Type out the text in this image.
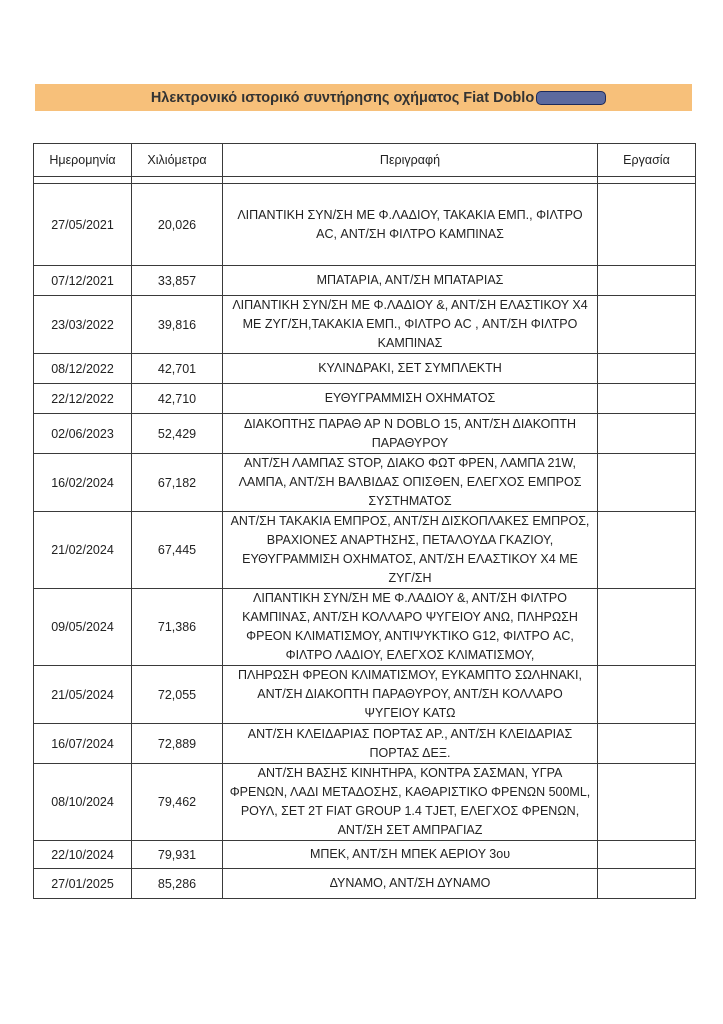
Ηλεκτρονικό ιστορικό συντήρησης οχήματος Fiat Doblo
Ημερομηνία	Χιλιόμετρα	Περιγραφή	Εργασία

27/05/2021	20,026	ΛΙΠΑΝΤΙΚΗ ΣΥΝ/ΣΗ ΜΕ Φ.ΛΑΔΙΟΥ, ΤΑΚΑΚΙΑ ΕΜΠ., ΦΙΛΤΡΟ AC, ΑΝΤ/ΣΗ ΦΙΛΤΡΟ ΚΑΜΠΙΝΑΣ	
07/12/2021	33,857	ΜΠΑΤΑΡΙΑ, ΑΝΤ/ΣΗ ΜΠΑΤΑΡΙΑΣ	
23/03/2022	39,816	ΛΙΠΑΝΤΙΚΗ ΣΥΝ/ΣΗ ΜΕ Φ.ΛΑΔΙΟΥ &, ΑΝΤ/ΣΗ ΕΛΑΣΤΙΚΟΥ Χ4 ΜΕ ΖΥΓ/ΣΗ,ΤΑΚΑΚΙΑ ΕΜΠ., ΦΙΛΤΡΟ AC , ΑΝΤ/ΣΗ ΦΙΛΤΡΟ ΚΑΜΠΙΝΑΣ	
08/12/2022	42,701	ΚΥΛΙΝΔΡΑΚΙ, ΣΕΤ ΣΥΜΠΛΕΚΤΗ	
22/12/2022	42,710	ΕΥΘΥΓΡΑΜΜΙΣΗ ΟΧΗΜΑΤΟΣ	
02/06/2023	52,429	ΔΙΑΚΟΠΤΗΣ ΠΑΡΑΘ ΑΡ Ν DOBLO 15, ΑΝΤ/ΣΗ ΔΙΑΚΟΠΤΗ ΠΑΡΑΘΥΡΟΥ	
16/02/2024	67,182	ΑΝΤ/ΣΗ ΛΑΜΠΑΣ STOP, ΔΙΑΚΟ ΦΩΤ ΦΡΕΝ, ΛΑΜΠΑ 21W, ΛΑΜΠΑ, ΑΝΤ/ΣΗ ΒΑΛΒΙΔΑΣ ΟΠΙΣΘΕΝ, ΕΛΕΓΧΟΣ ΕΜΠΡΟΣ ΣΥΣΤΗΜΑΤΟΣ	
21/02/2024	67,445	ΑΝΤ/ΣΗ ΤΑΚΑΚΙΑ ΕΜΠΡΟΣ, ΑΝΤ/ΣΗ ΔΙΣΚΟΠΛΑΚΕΣ ΕΜΠΡΟΣ, ΒΡΑΧΙΟΝΕΣ ΑΝΑΡΤΗΣΗΣ, ΠΕΤΑΛΟΥΔΑ ΓΚΑΖΙΟΥ, ΕΥΘΥΓΡΑΜΜΙΣΗ ΟΧΗΜΑΤΟΣ, ΑΝΤ/ΣΗ ΕΛΑΣΤΙΚΟΥ Χ4 ΜΕ ΖΥΓ/ΣΗ	
09/05/2024	71,386	ΛΙΠΑΝΤΙΚΗ ΣΥΝ/ΣΗ ΜΕ Φ.ΛΑΔΙΟΥ &, ΑΝΤ/ΣΗ ΦΙΛΤΡΟ ΚΑΜΠΙΝΑΣ, ΑΝΤ/ΣΗ ΚΟΛΛΑΡΟ ΨΥΓΕΙΟΥ ΑΝΩ, ΠΛΗΡΩΣΗ ΦΡΕΟΝ ΚΛΙΜΑΤΙΣΜΟΥ, ΑΝΤΙΨΥΚΤΙΚΟ G12, ΦΙΛΤΡΟ AC, ΦΙΛΤΡΟ ΛΑΔΙΟΥ, ΕΛΕΓΧΟΣ ΚΛΙΜΑΤΙΣΜΟΥ,	
21/05/2024	72,055	ΠΛΗΡΩΣΗ ΦΡΕΟΝ ΚΛΙΜΑΤΙΣΜΟΥ, ΕΥΚΑΜΠΤΟ ΣΩΛΗΝΑΚΙ, ΑΝΤ/ΣΗ ΔΙΑΚΟΠΤΗ ΠΑΡΑΘΥΡΟΥ, ΑΝΤ/ΣΗ ΚΟΛΛΑΡΟ ΨΥΓΕΙΟΥ ΚΑΤΩ	
16/07/2024	72,889	ΑΝΤ/ΣΗ ΚΛΕΙΔΑΡΙΑΣ ΠΟΡΤΑΣ ΑΡ., ΑΝΤ/ΣΗ ΚΛΕΙΔΑΡΙΑΣ ΠΟΡΤΑΣ ΔΕΞ.	
08/10/2024	79,462	ΑΝΤ/ΣΗ ΒΑΣΗΣ ΚΙΝΗΤΗΡΑ, ΚΟΝΤΡΑ ΣΑΣΜΑΝ, ΥΓΡΑ ΦΡΕΝΩΝ, ΛΑΔΙ ΜΕΤΑΔΟΣΗΣ, ΚΑΘΑΡΙΣΤΙΚΟ ΦΡΕΝΩΝ 500ML, ΡΟΥΛ, ΣΕΤ 2Τ FIAT GROUP 1.4 TJET, ΕΛΕΓΧΟΣ ΦΡΕΝΩΝ, ΑΝΤ/ΣΗ ΣΕΤ ΑΜΠΡΑΓΙΑΖ	
22/10/2024	79,931	ΜΠΕΚ, ΑΝΤ/ΣΗ ΜΠΕΚ ΑΕΡΙΟΥ 3ου	
27/01/2025	85,286	ΔΥΝΑΜΟ, ΑΝΤ/ΣΗ ΔΥΝΑΜΟ	
